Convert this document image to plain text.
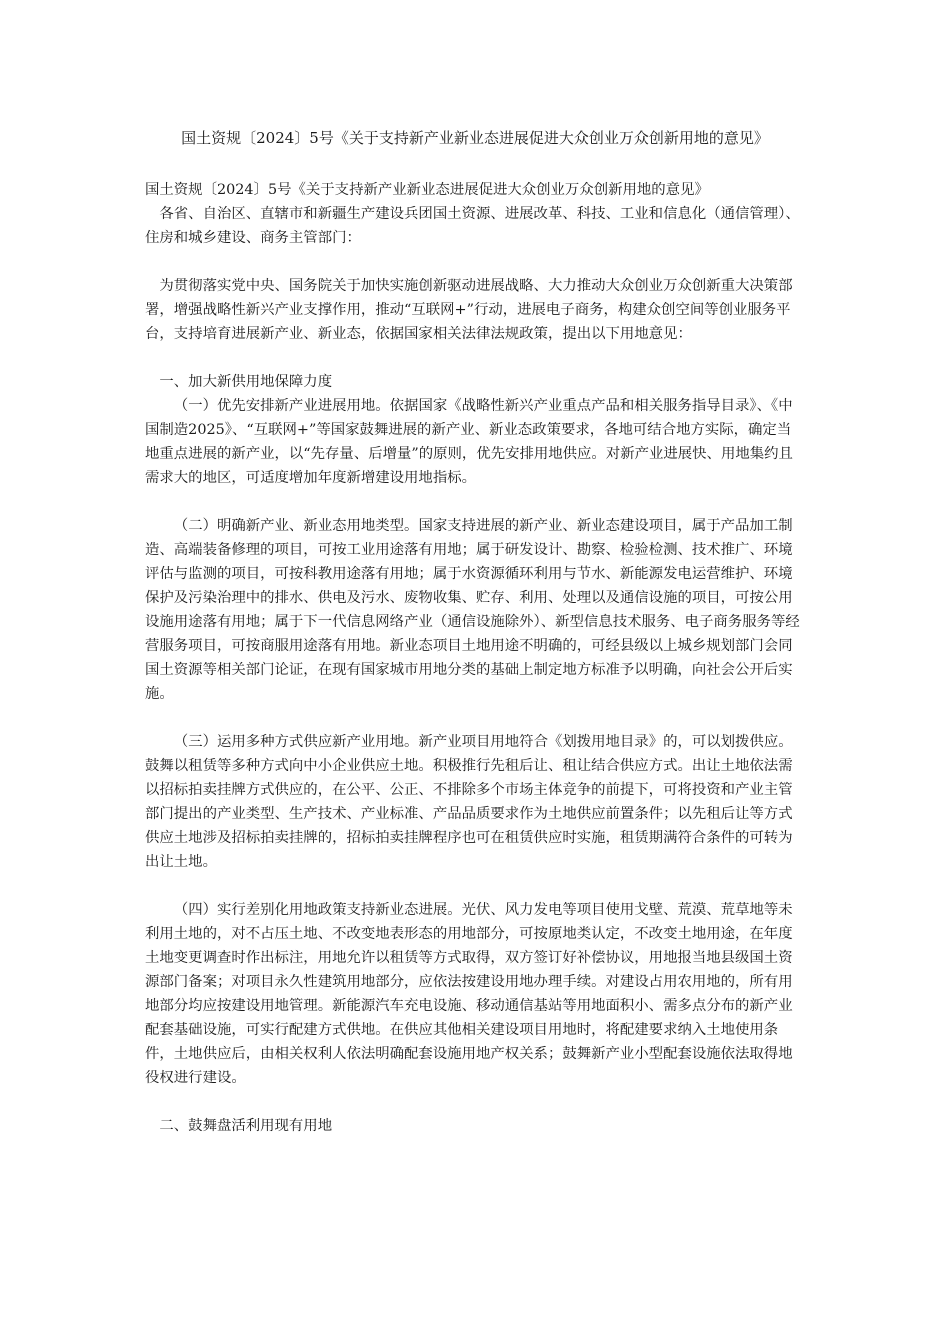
国土资规〔2024〕5号《关于支持新产业新业态进展促进大众创业万众创新用地的意见》

国土资规〔2024〕5号《关于支持新产业新业态进展促进大众创业万众创新用地的意见》

各省、自治区、直辖市和新疆生产建设兵团国土资源、进展改革、科技、工业和信息化（通信管理）、住房和城乡建设、商务主管部门：

为贯彻落实党中央、国务院关于加快实施创新驱动进展战略、大力推动大众创业万众创新重大决策部署，增强战略性新兴产业支撑作用，推动“互联网+”行动，进展电子商务，构建众创空间等创业服务平台，支持培育进展新产业、新业态，依据国家相关法律法规政策，提出以下用地意见：

一、加大新供用地保障力度

（一）优先安排新产业进展用地。依据国家《战略性新兴产业重点产品和相关服务指导目录》、《中国制造2025》、“互联网+”等国家鼓舞进展的新产业、新业态政策要求，各地可结合地方实际，确定当地重点进展的新产业，以“先存量、后增量”的原则，优先安排用地供应。对新产业进展快、用地集约且需求大的地区，可适度增加年度新增建设用地指标。

（二）明确新产业、新业态用地类型。国家支持进展的新产业、新业态建设项目，属于产品加工制造、高端装备修理的项目，可按工业用途落有用地；属于研发设计、勘察、检验检测、技术推广、环境评估与监测的项目，可按科教用途落有用地；属于水资源循环利用与节水、新能源发电运营维护、环境保护及污染治理中的排水、供电及污水、废物收集、贮存、利用、处理以及通信设施的项目，可按公用设施用途落有用地；属于下一代信息网络产业（通信设施除外）、新型信息技术服务、电子商务服务等经营服务项目，可按商服用途落有用地。新业态项目土地用途不明确的，可经县级以上城乡规划部门会同国土资源等相关部门论证，在现有国家城市用地分类的基础上制定地方标准予以明确，向社会公开后实施。

（三）运用多种方式供应新产业用地。新产业项目用地符合《划拨用地目录》的，可以划拨供应。鼓舞以租赁等多种方式向中小企业供应土地。积极推行先租后让、租让结合供应方式。出让土地依法需以招标拍卖挂牌方式供应的，在公平、公正、不排除多个市场主体竞争的前提下，可将投资和产业主管部门提出的产业类型、生产技术、产业标准、产品品质要求作为土地供应前置条件；以先租后让等方式供应土地涉及招标拍卖挂牌的，招标拍卖挂牌程序也可在租赁供应时实施，租赁期满符合条件的可转为出让土地。

（四）实行差别化用地政策支持新业态进展。光伏、风力发电等项目使用戈壁、荒漠、荒草地等未利用土地的，对不占压土地、不改变地表形态的用地部分，可按原地类认定，不改变土地用途，在年度土地变更调查时作出标注，用地允许以租赁等方式取得，双方签订好补偿协议，用地报当地县级国土资源部门备案；对项目永久性建筑用地部分，应依法按建设用地办理手续。对建设占用农用地的，所有用地部分均应按建设用地管理。新能源汽车充电设施、移动通信基站等用地面积小、需多点分布的新产业配套基础设施，可实行配建方式供地。在供应其他相关建设项目用地时，将配建要求纳入土地使用条件，土地供应后，由相关权利人依法明确配套设施用地产权关系；鼓舞新产业小型配套设施依法取得地役权进行建设。

二、鼓舞盘活利用现有用地
